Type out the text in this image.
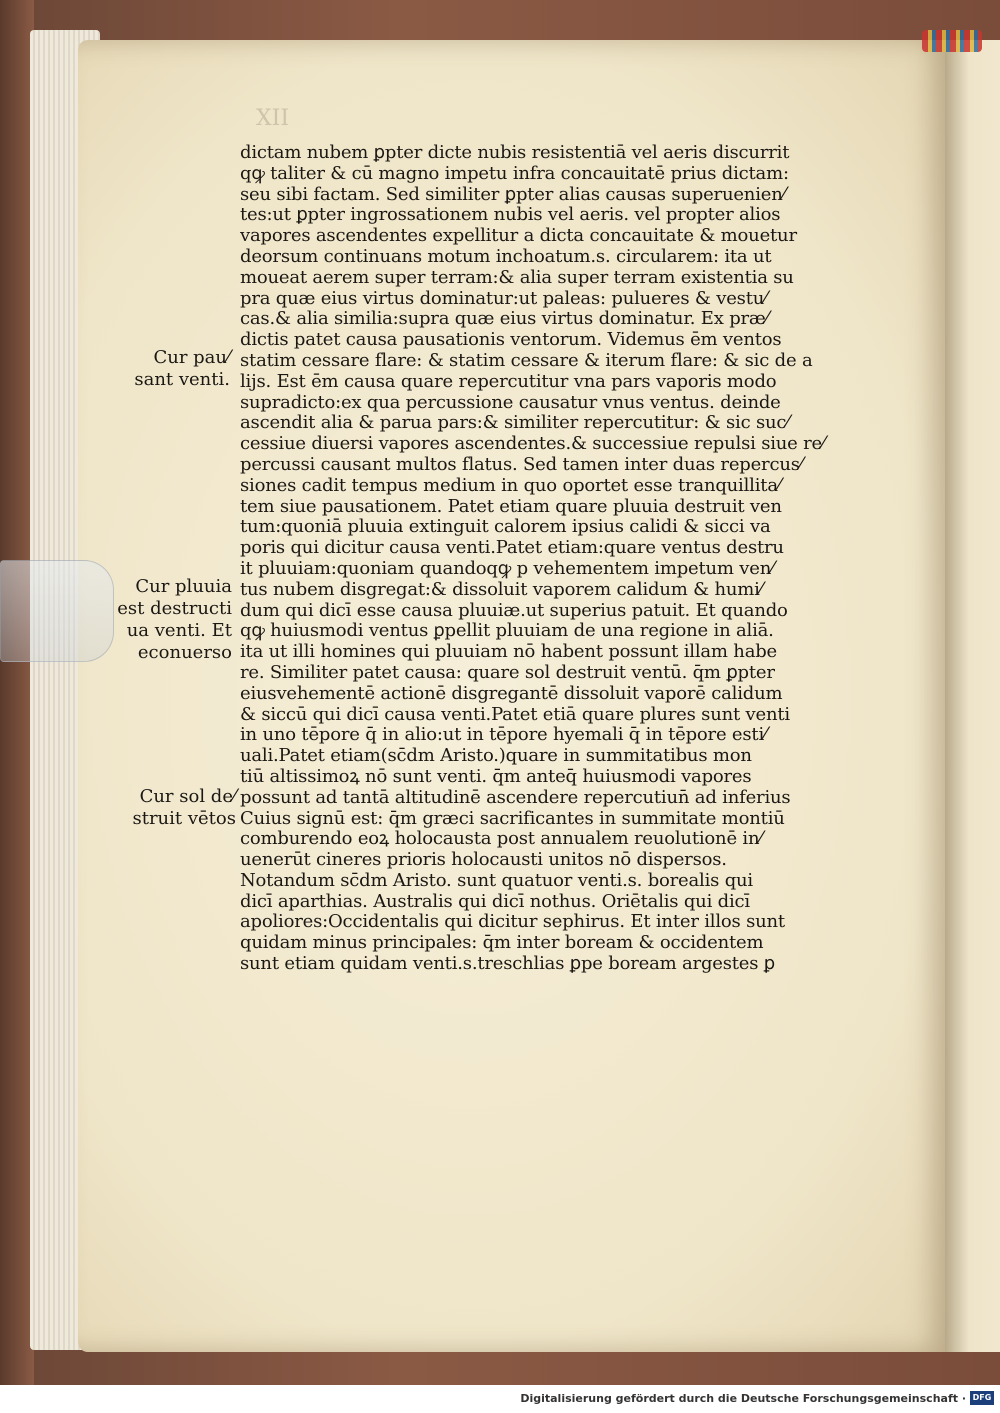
XII
Cur pau⁄
sant venti.
Cur pluuia
est destructi
ua venti. Et
econuerso
Cur sol de⁄
struit vētos
dictam nubem ꝑpter dicte nubis resistentiā vel aeris discurrit
qꝙ taliter & cū magno impetu infra concauitatē prius dictam:
seu sibi factam. Sed similiter ꝑpter alias causas superuenien⁄
tes:ut ꝑpter ingrossationem nubis vel aeris. vel propter alios
vapores ascendentes expellitur a dicta concauitate & mouetur
deorsum continuans motum inchoatum.s. circularem: ita ut
moueat aerem super terram:& alia super terram existentia su
pra quæ eius virtus dominatur:ut paleas: pulueres & vestu⁄
cas.& alia similia:supra quæ eius virtus dominatur. Ex præ⁄
dictis patet causa pausationis ventorum. Videmus ēm ventos
statim cessare flare: & statim cessare & iterum flare: & sic de a
lijs. Est ēm causa quare repercutitur vna pars vaporis modo
supradicto:ex qua percussione causatur vnus ventus. deinde
ascendit alia & parua pars:& similiter repercutitur: & sic suc⁄
cessiue diuersi vapores ascendentes.& successiue repulsi siue re⁄
percussi causant multos flatus. Sed tamen inter duas repercus⁄
siones cadit tempus medium in quo oportet esse tranquillita⁄
tem siue pausationem. Patet etiam quare pluuia destruit ven
tum:quoniā pluuia extinguit calorem ipsius calidi & sicci va
poris qui dicitur causa venti.Patet etiam:quare ventus destru
it pluuiam:quoniam quandoqꝙ p vehementem impetum ven⁄
tus nubem disgregat:& dissoluit vaporem calidum & humi⁄
dum qui dicī esse causa pluuiæ.ut superius patuit. Et quando
qꝙ huiusmodi ventus ꝑpellit pluuiam de una regione in aliā.
ita ut illi homines qui pluuiam nō habent possunt illam habe
re. Similiter patet causa: quare sol destruit ventū. q̄m ꝑpter
eiusvehementē actionē disgregantē dissoluit vaporē calidum
& siccū qui dicī causa venti.Patet etiā quare plures sunt venti
in uno tēpore q̄ in alio:ut in tēpore hyemali q̄ in tēpore esti⁄
uali.Patet etiam(sc̄d̄m Aristo.)quare in summitatibus mon
tiū altissimoꝝ nō sunt venti. q̄m anteq̄ huiusmodi vapores
possunt ad tantā altitudinē ascendere repercutiun̄ ad inferius
Cuius signū est: q̄m græci sacrificantes in summitate montiū
comburendo eoꝝ holocausta post annualem reuolutionē in⁄
uenerūt cineres prioris holocausti unitos nō dispersos.
Notandum sc̄d̄m Aristo. sunt quatuor venti.s. borealis qui
dicī aparthias. Australis qui dicī nothus. Oriētalis qui dicī
apoliores:Occidentalis qui dicitur sephirus. Et inter illos sunt
quidam minus principales: q̄m inter boream & occidentem
sunt etiam quidam venti.s.treschlias ꝑpe boream argestes ꝑ
Digitalisierung gefördert durch die Deutsche Forschungsgemeinschaft · DFG
